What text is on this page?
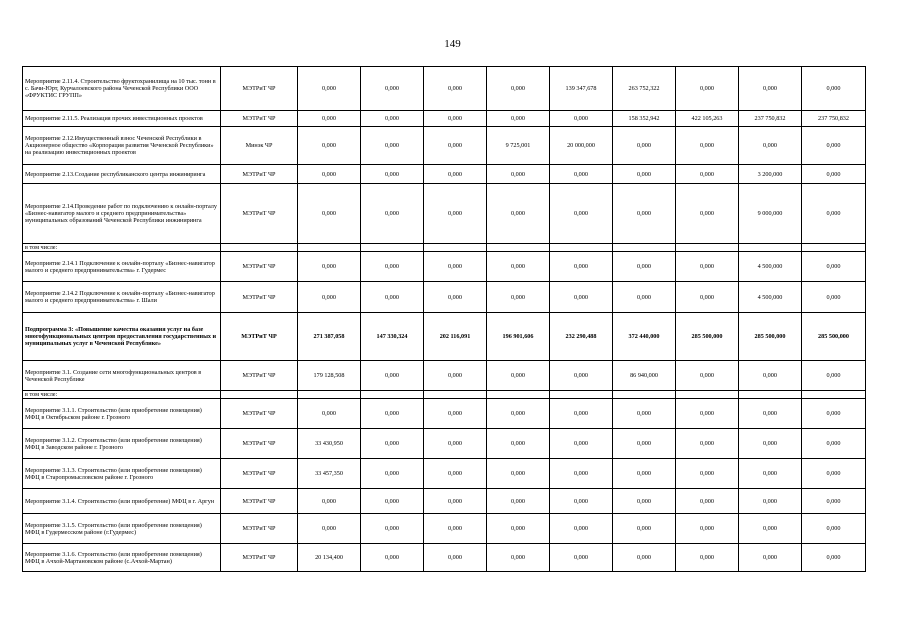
149
Мероприятие 2.11.4. Строительство фруктохранилища на 10 тыс. тонн в с. Бачи-Юрт, Курчалоевского района Чеченской Республики ООО «ФРУКТИС ГРУПП»	МЭТРиТ ЧР	0,000	0,000	0,000	0,000	139 347,678	263 752,322	0,000	0,000	0,000
Мероприятие 2.11.5. Реализация прочих инвестиционных проектов	МЭТРиТ ЧР	0,000	0,000	0,000	0,000	0,000	158 352,942	422 105,263	237 750,832	237 750,832
Мероприятие 2.12.Имущественный взнос Чеченской Республики в Акционерное общество «Корпорация развития Чеченской Республики» на реализацию инвестиционных проектов	Минэк ЧР	0,000	0,000	0,000	9 725,001	20 000,000	0,000	0,000	0,000	0,000
Мероприятие 2.13.Создание республиканского центра инжиниринга	МЭТРиТ ЧР	0,000	0,000	0,000	0,000	0,000	0,000	0,000	3 200,000	0,000
Мероприятие 2.14.Проведение работ по подключению к онлайн-порталу «Бизнес-навигатор малого и среднего предпринимательства» муниципальных образований Чеченской Республики инжиниринга	МЭТРиТ ЧР	0,000	0,000	0,000	0,000	0,000	0,000	0,000	9 000,000	0,000
в том числе:										
Мероприятие 2.14.1 Подключение к онлайн-порталу «Бизнес-навигатор малого и среднего предпринимательства» г. Гудермес	МЭТРиТ ЧР	0,000	0,000	0,000	0,000	0,000	0,000	0,000	4 500,000	0,000
Мероприятие 2.14.2 Подключение к онлайн-порталу «Бизнес-навигатор малого и среднего предпринимательства» г. Шали	МЭТРиТ ЧР	0,000	0,000	0,000	0,000	0,000	0,000	0,000	4 500,000	0,000
Подпрограмма 3: «Повышение качества оказания услуг на базе многофункциональных центров предоставления государственных и муниципальных услуг в Чеченской Республике»	МЭТРиТ ЧР	271 387,058	147 330,324	202 116,091	196 901,606	232 290,488	372 440,000	285 500,000	285 500,000	285 500,000
Мероприятие 3.1. Создание сети многофункциональных центров в Чеченской Республике	МЭТРиТ ЧР	179 128,508	0,000	0,000	0,000	0,000	86 940,000	0,000	0,000	0,000
в том числе:										
Мероприятие 3.1.1. Строительство (или приобретение помещения) МФЦ в Октябрьском районе г. Грозного	МЭТРиТ ЧР	0,000	0,000	0,000	0,000	0,000	0,000	0,000	0,000	0,000
Мероприятие 3.1.2. Строительство (или приобретение помещения) МФЦ в Заводском районе г. Грозного	МЭТРиТ ЧР	33 430,950	0,000	0,000	0,000	0,000	0,000	0,000	0,000	0,000
Мероприятие 3.1.3. Строительство (или приобретение помещения) МФЦ в Старопромысловском районе г. Грозного	МЭТРиТ ЧР	33 457,350	0,000	0,000	0,000	0,000	0,000	0,000	0,000	0,000
Мероприятие 3.1.4. Строительство (или приобретение) МФЦ в г. Аргун	МЭТРиТ ЧР	0,000	0,000	0,000	0,000	0,000	0,000	0,000	0,000	0,000
Мероприятие 3.1.5. Строительство (или приобретение помещения) МФЦ в Гудермесском районе (г.Гудермес)	МЭТРиТ ЧР	0,000	0,000	0,000	0,000	0,000	0,000	0,000	0,000	0,000
Мероприятие 3.1.6. Строительство (или приобретение помещения) МФЦ в Ачхой-Мартановском районе (с.Ачхой-Мартан)	МЭТРиТ ЧР	20 134,400	0,000	0,000	0,000	0,000	0,000	0,000	0,000	0,000
